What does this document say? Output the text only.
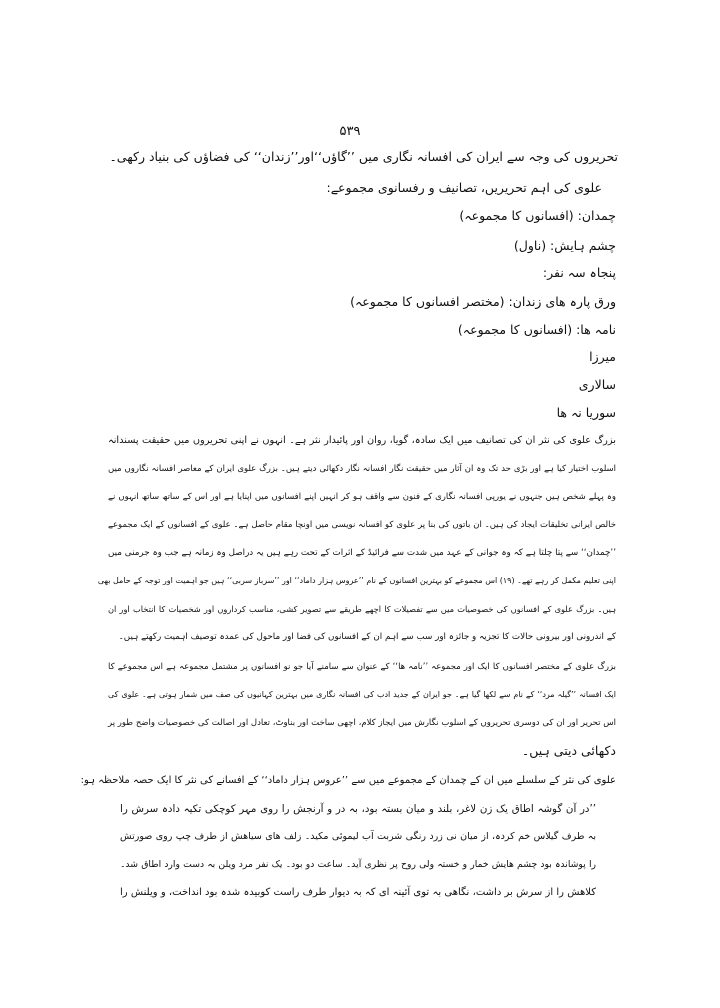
۵۳۹
تحریروں کی وجہ سے ایران کی افسانہ نگاری میں ’’گاؤں‘‘اور’’زندان‘‘ کی فضاؤں کی بنیاد رکھی۔
علوی کی اہم تحریریں، تصانیف و رفسانوی مجموعے:
چمدان: (افسانوں کا مجموعہ)
چشم ہایش: (ناول)
پنجاہ سہ نفر:
ورق پارہ ھای زندان: (مختصر افسانوں کا مجموعہ)
نامہ ھا: (افسانوں کا مجموعہ)
میرزا
سالاری
سوریا نہ ھا
بزرگ علوی کی نثر ان کی تصانیف میں ایک سادہ، گویا، روان اور پائیدار نثر ہے۔ انہوں نے اپنی تحریروں میں حقیقت پسندانہ
اسلوب اختیار کیا ہے اور بڑی حد تک وہ ان آثار میں حقیقت نگار افسانہ نگار دکھائی دیتے ہیں۔ بزرگ علوی ایران کے معاصر افسانہ نگاروں میں
وہ پہلے شخص ہیں جنہوں نے یورپی افسانہ نگاری کے فنون سے واقف ہو کر انہیں اپنے افسانوں میں اپنایا ہے اور اس کے ساتھ ساتھ انہوں نے
خالص ایرانی تخلیقات ایجاد کی ہیں۔ ان باتوں کی بنا پر علوی کو افسانہ نویسی میں اونچا مقام حاصل ہے۔ علوی کے افسانوں کے ایک مجموعے
’’چمدان‘‘ سے پتا چلتا ہے کہ وہ جوانی کے عہد میں شدت سے فرائیڈ کے اثرات کے تحت رہے ہیں یہ دراصل وہ زمانہ ہے جب وہ جرمنی میں
اپنی تعلیم مکمل کر رہے تھے۔ (۱۹) اس مجموعے کو بہترین افسانوں کے نام ’’عروس ہزار داماد‘‘ اور ’’سرباز سربی‘‘ ہیں جو اہمیت اور توجہ کے حامل بھی
ہیں۔ بزرگ علوی کے افسانوں کی خصوصیات میں سے تفصیلات کا اچھے طریقے سے تصویر کشی، مناسب کرداروں اور شخصیات کا انتخاب اور ان
کے اندرونی اور بیرونی حالات کا تجزیہ و جائزہ اور سب سے اہم ان کے افسانوں کی فضا اور ماحول کی عمدہ توصیف اہمیت رکھتے ہیں۔
بزرگ علوی کے مختصر افسانوں کا ایک اور مجموعہ ’’نامہ ھا‘‘ کے عنوان سے سامنے آیا جو نو افسانوں پر مشتمل مجموعہ ہے اس مجموعے کا
ایک افسانہ ’’گیلہ مرد‘‘ کے نام سے لکھا گیا ہے۔ جو ایران کے جدید ادب کی افسانہ نگاری میں بہترین کہانیوں کی صف میں شمار ہوتی ہے۔ علوی کی
اس تحریر اور ان کی دوسری تحریروں کے اسلوب نگارش میں ایجاز کلام، اچھی ساخت اور بناوٹ، تعادل اور اصالت کی خصوصیات واضح طور پر
دکھائی دیتی ہیں۔
علوی کی نثر کے سلسلے میں ان کے چمدان کے مجموعے میں سے ’’عروس ہزار داماد‘‘ کے افسانے کی نثر کا ایک حصہ ملاحظہ ہو:
’’در آن گوشہ اطاق یک زن لاغر، بلند و میان بستہ بود، بہ در و آرنجش را روی مہر کوچکی تکیہ دادہ سرش را
بہ طرف گیلاس خم کردہ، از میان نی زرد رنگی شربت آب لیموئی مکید۔ زلف ھای سیاھش از طرف چپ روی صورتش
را پوشاندہ بود چشم ھایش خمار و خستہ ولی روح پر نظری آید۔ ساعت دو بود۔ یک نفر مرد ویلن بہ دست وارد اطاق شد۔
کلاھش را از سرش بر داشت، نگاھی بہ توی آئینہ ای کہ بہ دیوار طرف راست کوبیدہ شدہ بود انداخت، و ویلنش را
